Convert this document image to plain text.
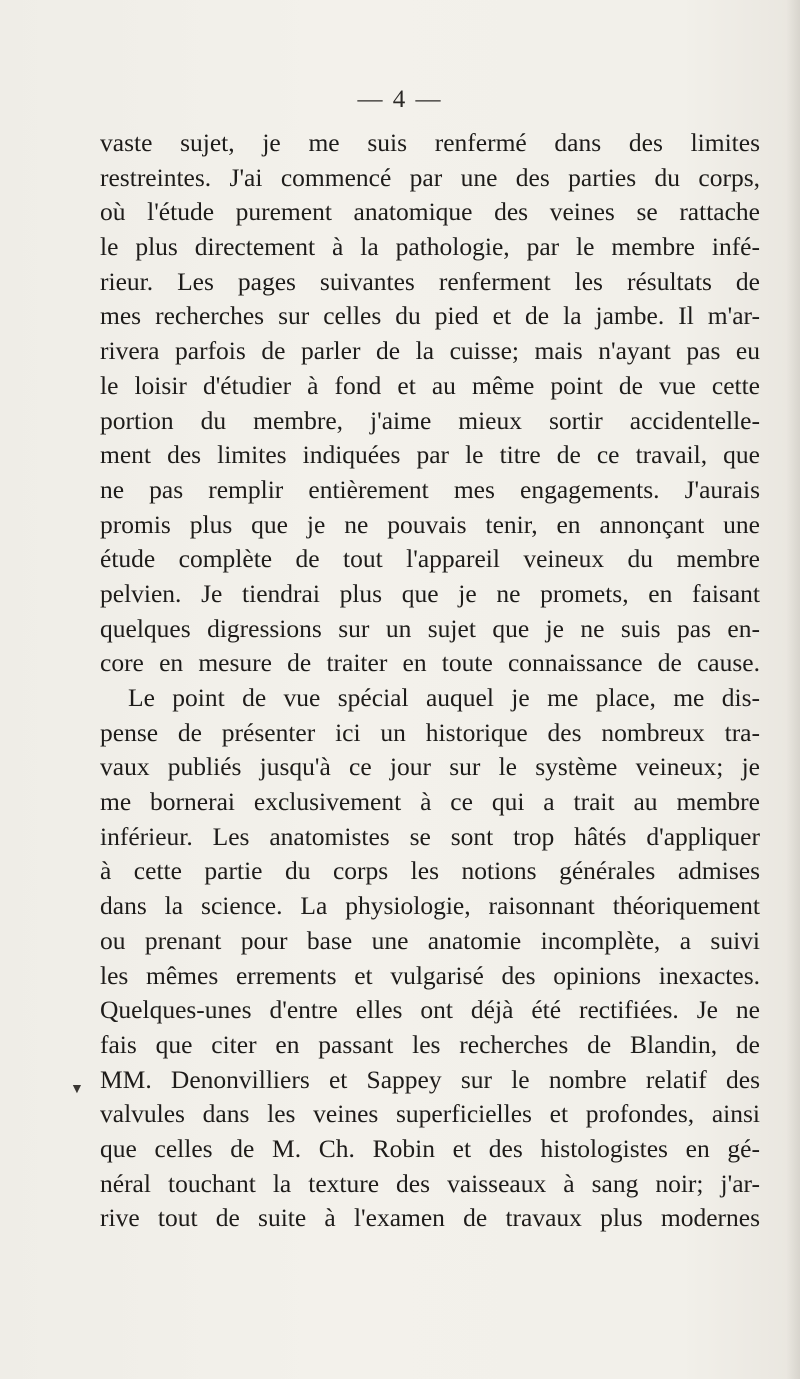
— 4 —
vaste sujet, je me suis renfermé dans des limites
restreintes. J'ai commencé par une des parties du corps,
où l'étude purement anatomique des veines se rattache
le plus directement à la pathologie, par le membre infé-
rieur. Les pages suivantes renferment les résultats de
mes recherches sur celles du pied et de la jambe. Il m'ar-
rivera parfois de parler de la cuisse; mais n'ayant pas eu
le loisir d'étudier à fond et au même point de vue cette
portion du membre, j'aime mieux sortir accidentelle-
ment des limites indiquées par le titre de ce travail, que
ne pas remplir entièrement mes engagements. J'aurais
promis plus que je ne pouvais tenir, en annonçant une
étude complète de tout l'appareil veineux du membre
pelvien. Je tiendrai plus que je ne promets, en faisant
quelques digressions sur un sujet que je ne suis pas en-
core en mesure de traiter en toute connaissance de cause.
Le point de vue spécial auquel je me place, me dis-
pense de présenter ici un historique des nombreux tra-
vaux publiés jusqu'à ce jour sur le système veineux; je
me bornerai exclusivement à ce qui a trait au membre
inférieur. Les anatomistes se sont trop hâtés d'appliquer
à cette partie du corps les notions générales admises
dans la science. La physiologie, raisonnant théoriquement
ou prenant pour base une anatomie incomplète, a suivi
les mêmes errements et vulgarisé des opinions inexactes.
Quelques-unes d'entre elles ont déjà été rectifiées. Je ne
fais que citer en passant les recherches de Blandin, de
MM. Denonvilliers et Sappey sur le nombre relatif des
valvules dans les veines superficielles et profondes, ainsi
que celles de M. Ch. Robin et des histologistes en gé-
néral touchant la texture des vaisseaux à sang noir; j'ar-
rive tout de suite à l'examen de travaux plus modernes
▼
